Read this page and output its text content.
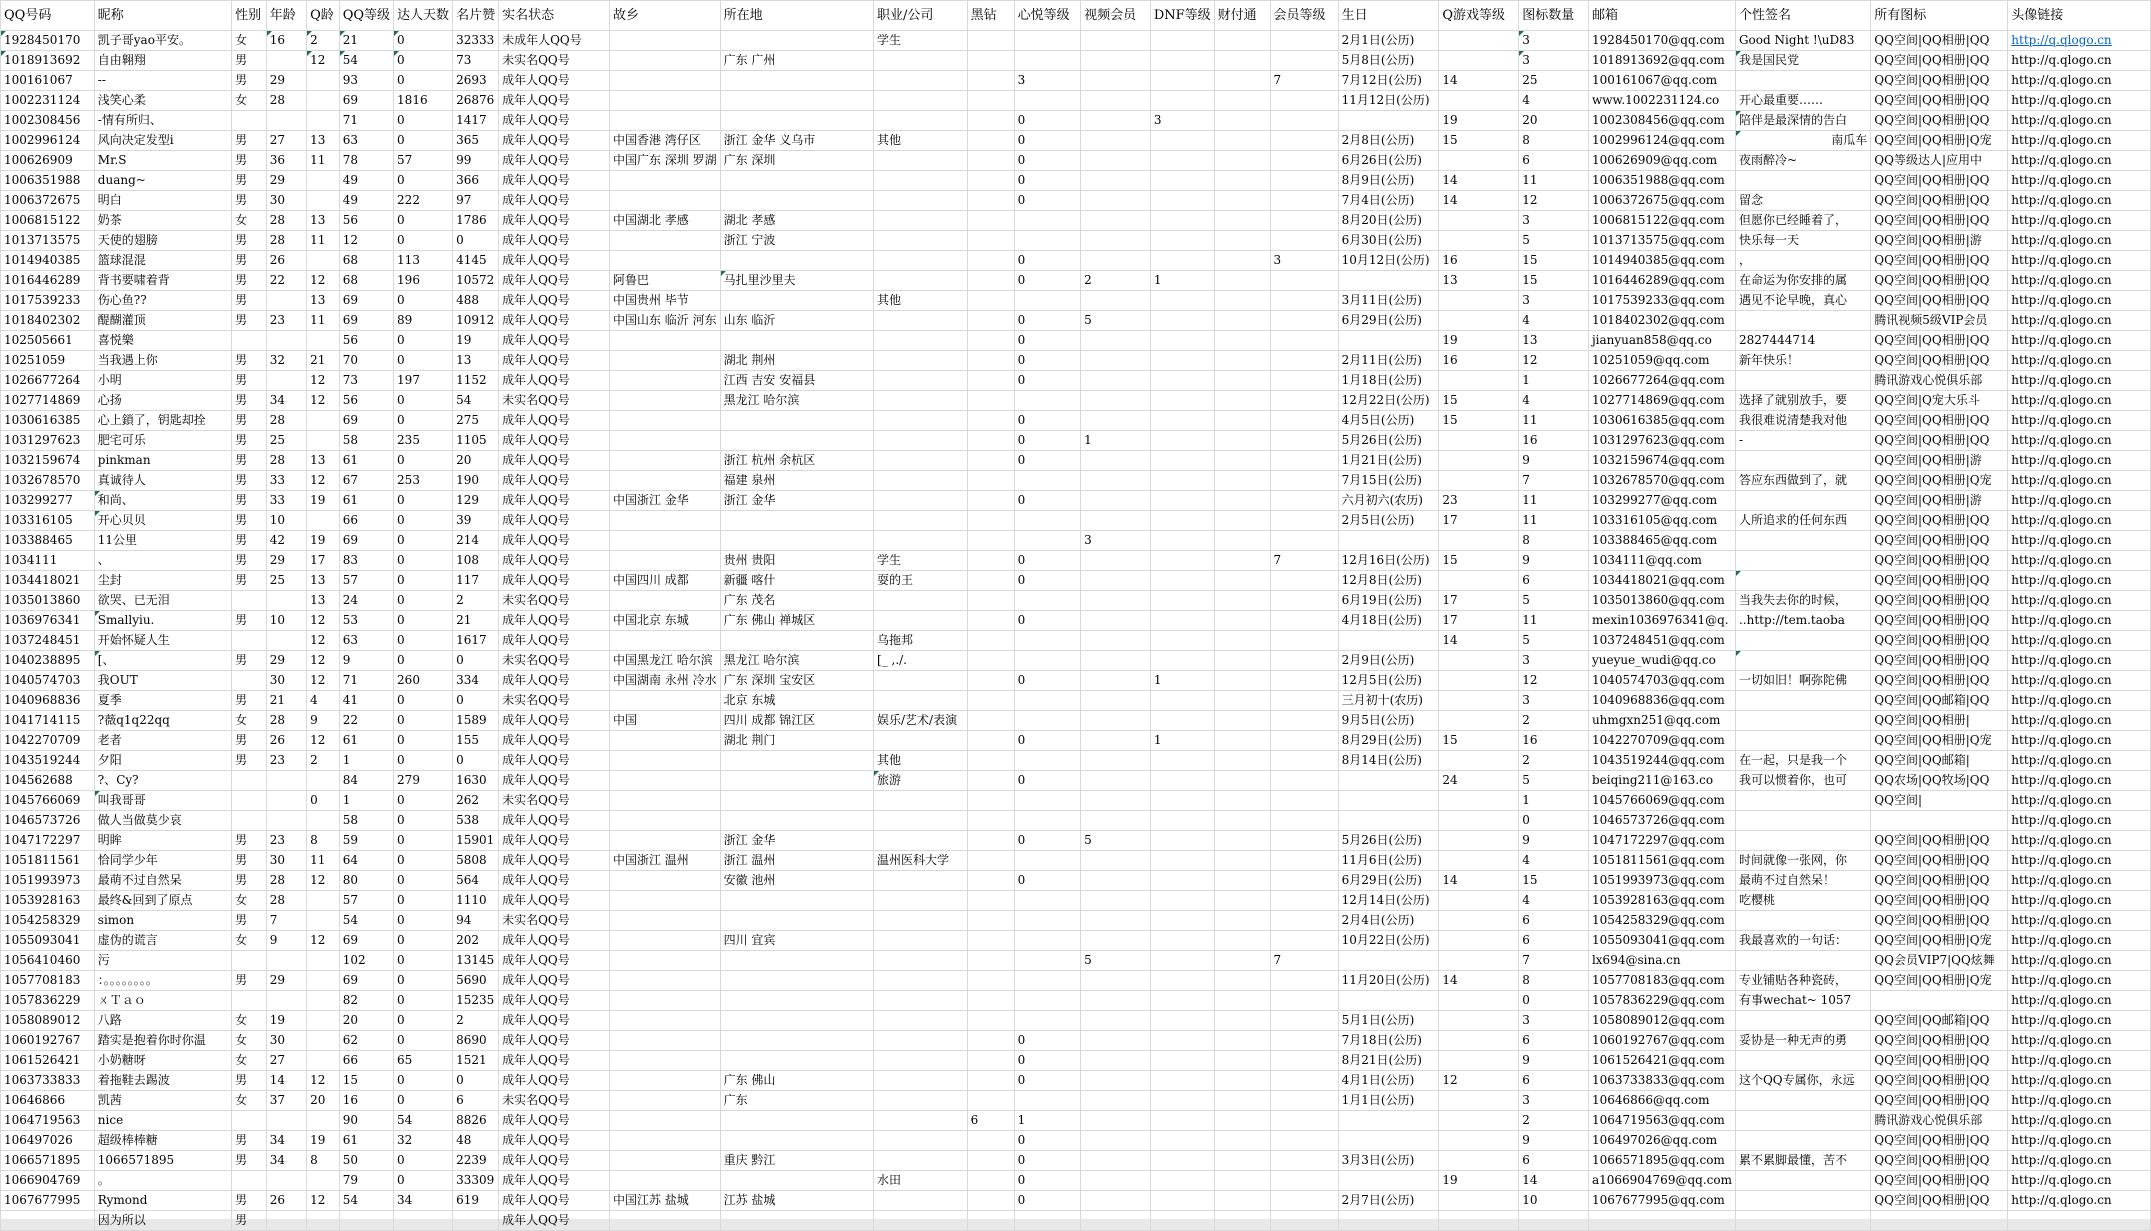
QQ号码	昵称	性别	年龄	Q龄	QQ等级	达人天数	名片赞	实名状态	故乡	所在地	职业/公司	黑钻	心悦等级	视频会员	DNF等级	财付通	会员等级	生日	Q游戏等级	图标数量	邮箱	个性签名	所有图标	头像链接
1928450170	凯子哥yao平安。	女	16	2	21	0	32333	未成年人QQ号			学生							2月1日(公历)		3	1928450170@qq.com	Good Night !\uD83	QQ空间|QQ相册|QQ	http://q.qlogo.cn
1018913692	自由翱翔	男		12	54	0	73	未实名QQ号		广东 广州								5月8日(公历)		3	1018913692@qq.com	我是国民党	QQ空间|QQ相册|QQ	http://q.qlogo.cn
100161067	--	男	29		93	0	2693	成年人QQ号					3				7	7月12日(公历)	14	25	100161067@qq.com		QQ空间|QQ相册|QQ	http://q.qlogo.cn
1002231124	浅笑心柔	女	28		69	1816	26876	成年人QQ号										11月12日(公历)		4	www.1002231124.co	开心最重要……	QQ空间|QQ相册|QQ	http://q.qlogo.cn
1002308456	-情有所归、				71	0	1417	成年人QQ号					0		3				19	20	1002308456@qq.com	陪伴是最深情的告白	QQ空间|QQ相册|QQ	http://q.qlogo.cn
1002996124	风向决定发型i	男	27	13	63	0	365	成年人QQ号	中国香港 湾仔区	浙江 金华 义乌市	其他		0					2月8日(公历)	15	8	1002996124@qq.com	南瓜车	QQ空间|QQ相册|Q宠	http://q.qlogo.cn
100626909	Mr.S	男	36	11	78	57	99	成年人QQ号	中国广东 深圳 罗湖	广东 深圳			0					6月26日(公历)		6	100626909@qq.com	夜雨醉冷~	QQ等级达人|应用中	http://q.qlogo.cn
1006351988	duang~	男	29		49	0	366	成年人QQ号					0					8月9日(公历)	14	11	1006351988@qq.com		QQ空间|QQ相册|QQ	http://q.qlogo.cn
1006372675	明白	男	30		49	222	97	成年人QQ号					0					7月4日(公历)	14	12	1006372675@qq.com	留念	QQ空间|QQ相册|QQ	http://q.qlogo.cn
1006815122	奶茶	女	28	13	56	0	1786	成年人QQ号	中国湖北 孝感	湖北 孝感								8月20日(公历)		3	1006815122@qq.com	但愿你已经睡着了，	QQ空间|QQ相册|QQ	http://q.qlogo.cn
1013713575	天使的翅膀	男	28	11	12	0	0	成年人QQ号		浙江 宁波								6月30日(公历)		5	1013713575@qq.com	快乐每一天	QQ空间|QQ相册|游	http://q.qlogo.cn
1014940385	篮球混混	男	26		68	113	4145	成年人QQ号					0				3	10月12日(公历)	16	15	1014940385@qq.com	，	QQ空间|QQ相册|QQ	http://q.qlogo.cn
1016446289	背书要啸着背	男	22	12	68	196	10572	成年人QQ号	阿鲁巴	马扎里沙里夫			0	2	1				13	15	1016446289@qq.com	在命运为你安排的属	QQ空间|QQ相册|QQ	http://q.qlogo.cn
1017539233	伤心鱼??	男		13	69	0	488	成年人QQ号	中国贵州 毕节		其他							3月11日(公历)		3	1017539233@qq.com	遇见不论早晚，真心	QQ空间|QQ相册|QQ	http://q.qlogo.cn
1018402302	醍醐灌顶	男	23	11	69	89	10912	成年人QQ号	中国山东 临沂 河东	山东 临沂			0	5				6月29日(公历)		4	1018402302@qq.com		腾讯视频5级VIP会员	http://q.qlogo.cn
102505661	喜悦樂				56	0	19	成年人QQ号					0						19	13	jianyuan858@qq.co	2827444714	QQ空间|QQ相册|QQ	http://q.qlogo.cn
10251059	当我遇上你	男	32	21	70	0	13	成年人QQ号		湖北 荆州			0					2月11日(公历)	16	12	10251059@qq.com	新年快乐！	QQ空间|QQ相册|QQ	http://q.qlogo.cn
1026677264	小明	男		12	73	197	1152	成年人QQ号		江西 吉安 安福县			0					1月18日(公历)		1	1026677264@qq.com		腾讯游戏心悦俱乐部	http://q.qlogo.cn
1027714869	心扬	男	34	12	56	0	54	未实名QQ号		黑龙江 哈尔滨								12月22日(公历)	15	4	1027714869@qq.com	选择了就别放手，要	QQ空间|Q宠大乐斗	http://q.qlogo.cn
1030616385	心上鎖了，钥匙却拴	男	28		69	0	275	成年人QQ号					0					4月5日(公历)	15	11	1030616385@qq.com	我很难说清楚我对他	QQ空间|QQ相册|QQ	http://q.qlogo.cn
1031297623	肥宅可乐	男	25		58	235	1105	成年人QQ号					0	1				5月26日(公历)		16	1031297623@qq.com	-	QQ空间|QQ相册|QQ	http://q.qlogo.cn
1032159674	pinkman	男	28	13	61	0	20	成年人QQ号		浙江 杭州 余杭区			0					1月21日(公历)		9	1032159674@qq.com		QQ空间|QQ相册|游	http://q.qlogo.cn
1032678570	真诚待人	男	33	12	67	253	190	成年人QQ号		福建 泉州								7月15日(公历)		7	1032678570@qq.com	答应东西做到了，就	QQ空间|QQ相册|Q宠	http://q.qlogo.cn
103299277	和尚、	男	33	19	61	0	129	成年人QQ号	中国浙江 金华	浙江 金华			0					六月初六(农历)	23	11	103299277@qq.com		QQ空间|QQ相册|游	http://q.qlogo.cn
103316105	开心贝贝	男	10		66	0	39	成年人QQ号										2月5日(公历)	17	11	103316105@qq.com	人所追求的任何东西	QQ空间|QQ相册|QQ	http://q.qlogo.cn
103388465	11公里	男	42	19	69	0	214	成年人QQ号						3						8	103388465@qq.com		QQ空间|QQ相册|QQ	http://q.qlogo.cn
1034111	、	男	29	17	83	0	108	成年人QQ号		贵州 贵阳	学生		0				7	12月16日(公历)	15	9	1034111@qq.com		QQ空间|QQ相册|QQ	http://q.qlogo.cn
1034418021	尘封	男	25	13	57	0	117	成年人QQ号	中国四川 成都	新疆 喀什	耍的王		0					12月8日(公历)		6	1034418021@qq.com		QQ空间|QQ相册|QQ	http://q.qlogo.cn
1035013860	欲哭、已无泪			13	24	0	2	未实名QQ号		广东 茂名								6月19日(公历)	17	5	1035013860@qq.com	当我失去你的时候，	QQ空间|QQ相册|QQ	http://q.qlogo.cn
1036976341	Smallyiu.	男	10	12	53	0	21	成年人QQ号	中国北京 东城	广东 佛山 禅城区			0					4月18日(公历)	17	11	mexin1036976341@q.	..http://tem.taoba	QQ空间|QQ相册|QQ	http://q.qlogo.cn
1037248451	开始怀疑人生			12	63	0	1617	成年人QQ号			乌拖邦								14	5	1037248451@qq.com		QQ空间|QQ相册|QQ	http://q.qlogo.cn
1040238895	[、	男	29	12	9	0	0	未实名QQ号	中国黑龙江 哈尔滨	黑龙江 哈尔滨	[_ ,./.							2月9日(公历)		3	yueyue_wudi@qq.co		QQ空间|QQ相册|QQ	http://q.qlogo.cn
1040574703	我OUT		30	12	71	260	334	成年人QQ号	中国湖南 永州 冷水	广东 深圳 宝安区			0		1			12月5日(公历)		12	1040574703@qq.com	一切如旧！啊弥陀佛	QQ空间|QQ相册|QQ	http://q.qlogo.cn
1040968836	夏季	男	21	4	41	0	0	未实名QQ号		北京 东城								三月初十(农历)		3	1040968836@qq.com		QQ空间|QQ邮箱|QQ	http://q.qlogo.cn
1041714115	?薇q1q22qq	女	28	9	22	0	1589	成年人QQ号	中国	四川 成都 锦江区	娱乐/艺术/表演							9月5日(公历)		2	uhmgxn251@qq.com		QQ空间|QQ相册|	http://q.qlogo.cn
1042270709	老者	男	26	12	61	0	155	成年人QQ号		湖北 荆门			0		1			8月29日(公历)	15	16	1042270709@qq.com		QQ空间|QQ相册|Q宠	http://q.qlogo.cn
1043519244	夕阳	男	23	2	1	0	0	成年人QQ号			其他							8月14日(公历)		2	1043519244@qq.com	在一起，只是我一个	QQ空间|QQ邮箱|	http://q.qlogo.cn
104562688	?、Cy?				84	279	1630	成年人QQ号			旅游		0						24	5	beiqing211@163.co	我可以惯着你，也可	QQ农场|QQ牧场|QQ	http://q.qlogo.cn
1045766069	叫我哥哥			0	1	0	262	未实名QQ号												1	1045766069@qq.com		QQ空间|	http://q.qlogo.cn
1046573726	做人当做莫少哀				58	0	538	成年人QQ号												0	1046573726@qq.com			http://q.qlogo.cn
1047172297	明眸	男	23	8	59	0	15901	成年人QQ号		浙江 金华			0	5				5月26日(公历)		9	1047172297@qq.com		QQ空间|QQ相册|QQ	http://q.qlogo.cn
1051811561	恰同学少年	男	30	11	64	0	5808	成年人QQ号	中国浙江 温州	浙江 温州	温州医科大学							11月6日(公历)		4	1051811561@qq.com	时间就像一张网，你	QQ空间|QQ相册|QQ	http://q.qlogo.cn
1051993973	最萌不过自然呆	男	28	12	80	0	564	成年人QQ号		安徽 池州			0					6月29日(公历)	14	15	1051993973@qq.com	最萌不过自然呆！	QQ空间|QQ相册|QQ	http://q.qlogo.cn
1053928163	最终&回到了原点	女	28		57	0	1110	成年人QQ号										12月14日(公历)		4	1053928163@qq.com	吃樱桃	QQ空间|QQ相册|QQ	http://q.qlogo.cn
1054258329	simon	男	7		54	0	94	未实名QQ号										2月4日(公历)		6	1054258329@qq.com		QQ空间|QQ相册|QQ	http://q.qlogo.cn
1055093041	虚伪的谎言	女	9	12	69	0	202	成年人QQ号		四川 宜宾								10月22日(公历)		6	1055093041@qq.com	我最喜欢的一句话：	QQ空间|QQ相册|Q宠	http://q.qlogo.cn
1056410460	污				102	0	13145	成年人QQ号						5			7			7	lx694@sina.cn		QQ会员VIP7|QQ炫舞	http://q.qlogo.cn
1057708183	：。。。。。。。。	男	29		69	0	5690	成年人QQ号										11月20日(公历)	14	8	1057708183@qq.com	专业铺贴各种瓷砖，	QQ空间|QQ相册|Q宠	http://q.qlogo.cn
1057836229	ㄨＴａｏ				82	0	15235	成年人QQ号												0	1057836229@qq.com	有事wechat~ 1057		http://q.qlogo.cn
1058089012	八路	女	19		20	0	2	成年人QQ号										5月1日(公历)		3	1058089012@qq.com		QQ空间|QQ邮箱|QQ	http://q.qlogo.cn
1060192767	踏实是抱着你时你温	女	30		62	0	8690	成年人QQ号					0					7月18日(公历)		6	1060192767@qq.com	妥协是一种无声的勇	QQ空间|QQ相册|QQ	http://q.qlogo.cn
1061526421	小奶糖呀	女	27		66	65	1521	成年人QQ号					0					8月21日(公历)		9	1061526421@qq.com		QQ空间|QQ相册|QQ	http://q.qlogo.cn
1063733833	着拖鞋去踢波	男	14	12	15	0	0	成年人QQ号		广东 佛山			0					4月1日(公历)	12	6	1063733833@qq.com	这个QQ专属你，永远	QQ空间|QQ相册|QQ	http://q.qlogo.cn
10646866	凯茜	女	37	20	16	0	6	未实名QQ号		广东								1月1日(公历)		3	10646866@qq.com		QQ空间|QQ相册|QQ	http://q.qlogo.cn
1064719563	nice				90	54	8826	成年人QQ号				6	1							2	1064719563@qq.com		腾讯游戏心悦俱乐部	http://q.qlogo.cn
106497026	超级棒棒糖	男	34	19	61	32	48	成年人QQ号					0							9	106497026@qq.com		QQ空间|QQ相册|QQ	http://q.qlogo.cn
1066571895	1066571895	男	34	8	50	0	2239	成年人QQ号		重庆 黔江			0					3月3日(公历)		6	1066571895@qq.com	累不累脚最懂，苦不	QQ空间|QQ相册|QQ	http://q.qlogo.cn
1066904769	。				79	0	33309	成年人QQ号			水田		0						19	14	a1066904769@qq.com		QQ空间|QQ相册|QQ	http://q.qlogo.cn
1067677995	Rymond	男	26	12	54	34	619	成年人QQ号	中国江苏 盐城	江苏 盐城			0					2月7日(公历)		10	1067677995@qq.com		QQ空间|QQ相册|QQ	http://q.qlogo.cn
	因为所以	男						成年人QQ号																
